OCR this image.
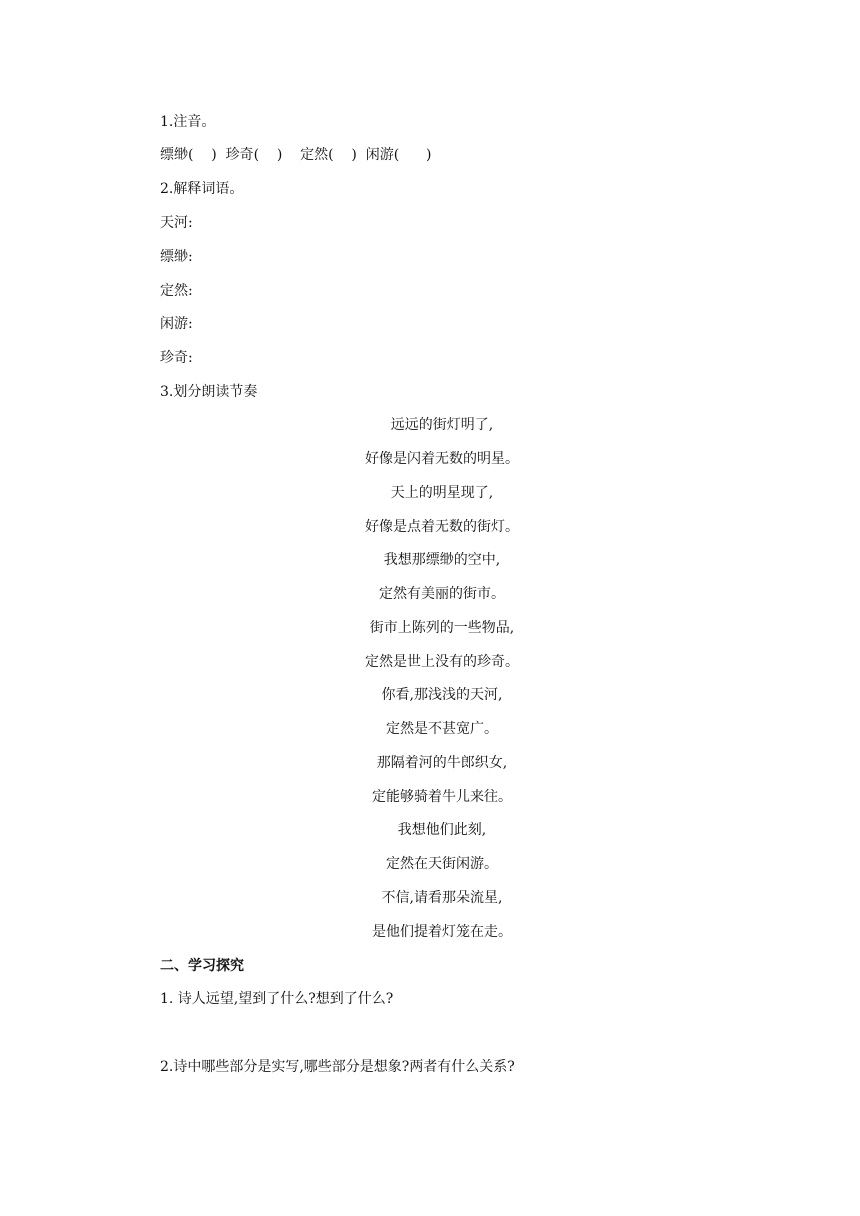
1.注音。
缥缈(    )  珍奇(    )    定然(    )  闲游(      )
2.解释词语。
天河:
缥缈:
定然:
闲游:
珍奇:
3.划分朗读节奏
远远的街灯明了,
好像是闪着无数的明星。
天上的明星现了,
好像是点着无数的街灯。
我想那缥缈的空中,
定然有美丽的街市。
街市上陈列的一些物品,
定然是世上没有的珍奇。
你看,那浅浅的天河,
定然是不甚宽广。
那隔着河的牛郎织女,
定能够骑着牛儿来往。
我想他们此刻,
定然在天街闲游。
不信,请看那朵流星,
是他们提着灯笼在走。
二、学习探究
1. 诗人远望,望到了什么?想到了什么?
2.诗中哪些部分是实写,哪些部分是想象?两者有什么关系?
